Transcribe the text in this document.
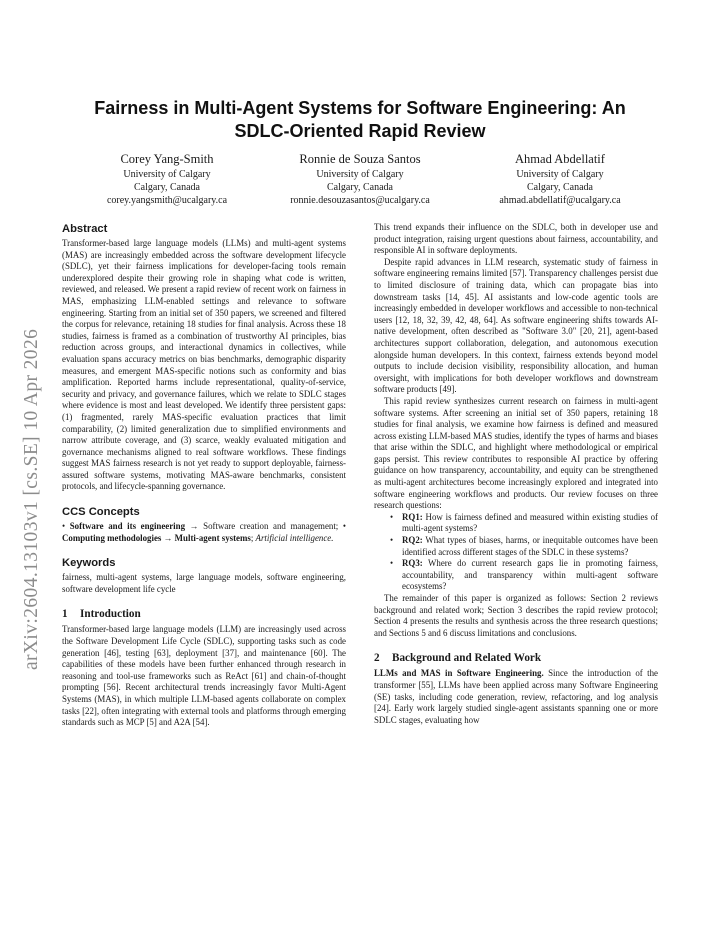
arXiv:2604.13103v1 [cs.SE] 10 Apr 2026
Fairness in Multi-Agent Systems for Software Engineering: An
SDLC-Oriented Rapid Review
Corey Yang-Smith
University of Calgary
Calgary, Canada
corey.yangsmith@ucalgary.ca
Ronnie de Souza Santos
University of Calgary
Calgary, Canada
ronnie.desouzasantos@ucalgary.ca
Ahmad Abdellatif
University of Calgary
Calgary, Canada
ahmad.abdellatif@ucalgary.ca
Abstract

Transformer-based large language models (LLMs) and multi-agent systems (MAS) are increasingly embedded across the software development lifecycle (SDLC), yet their fairness implications for developer-facing tools remain underexplored despite their growing role in shaping what code is written, reviewed, and released. We present a rapid review of recent work on fairness in MAS, emphasizing LLM-enabled settings and relevance to software engineering. Starting from an initial set of 350 papers, we screened and filtered the corpus for relevance, retaining 18 studies for final analysis. Across these 18 studies, fairness is framed as a combination of trustworthy AI principles, bias reduction across groups, and interactional dynamics in collectives, while evaluation spans accuracy metrics on bias benchmarks, demographic disparity measures, and emergent MAS-specific notions such as conformity and bias amplification. Reported harms include representational, quality-of-service, security and privacy, and governance failures, which we relate to SDLC stages where evidence is most and least developed. We identify three persistent gaps: (1) fragmented, rarely MAS-specific evaluation practices that limit comparability, (2) limited generalization due to simplified environments and narrow attribute coverage, and (3) scarce, weakly evaluated mitigation and governance mechanisms aligned to real software workflows. These findings suggest MAS fairness research is not yet ready to support deployable, fairness-assured software systems, motivating MAS-aware benchmarks, consistent protocols, and lifecycle-spanning governance.

CCS Concepts

• Software and its engineering → Software creation and management; • Computing methodologies → Multi-agent systems; Artificial intelligence.

Keywords

fairness, multi-agent systems, large language models, software engineering, software development life cycle

1 Introduction

Transformer-based large language models (LLM) are increasingly used across the Software Development Life Cycle (SDLC), supporting tasks such as code generation [46], testing [63], deployment [37], and maintenance [60]. The capabilities of these models have been further enhanced through research in reasoning and tool-use frameworks such as ReAct [61] and chain-of-thought prompting [56]. Recent architectural trends increasingly favor Multi-Agent Systems (MAS), in which multiple LLM-based agents collaborate on complex tasks [22], often integrating with external tools and platforms through emerging standards such as MCP [5] and A2A [54].

This trend expands their influence on the SDLC, both in developer use and product integration, raising urgent questions about fairness, accountability, and responsible AI in software deployments.

Despite rapid advances in LLM research, systematic study of fairness in software engineering remains limited [57]. Transparency challenges persist due to limited disclosure of training data, which can propagate bias into downstream tasks [14, 45]. AI assistants and low-code agentic tools are increasingly embedded in developer workflows and accessible to non-technical users [12, 18, 32, 39, 42, 48, 64]. As software engineering shifts towards AI-native development, often described as "Software 3.0" [20, 21], agent-based architectures support collaboration, delegation, and autonomous execution alongside human developers. In this context, fairness extends beyond model outputs to include decision visibility, responsibility allocation, and human oversight, with implications for both developer workflows and downstream software products [49].

This rapid review synthesizes current research on fairness in multi-agent software systems. After screening an initial set of 350 papers, retaining 18 studies for final analysis, we examine how fairness is defined and measured across existing LLM-based MAS studies, identify the types of harms and biases that arise within the SDLC, and highlight where methodological or empirical gaps persist. This review contributes to responsible AI practice by offering guidance on how transparency, accountability, and equity can be strengthened as multi-agent architectures become increasingly explored and integrated into software engineering workflows and products. Our review focuses on three research questions:

• RQ1: How is fairness defined and measured within existing studies of multi-agent systems?
• RQ2: What types of biases, harms, or inequitable outcomes have been identified across different stages of the SDLC in these systems?
• RQ3: Where do current research gaps lie in promoting fairness, accountability, and transparency within multi-agent software ecosystems?

The remainder of this paper is organized as follows: Section 2 reviews background and related work; Section 3 describes the rapid review protocol; Section 4 presents the results and synthesis across the three research questions; and Sections 5 and 6 discuss limitations and conclusions.

2 Background and Related Work

LLMs and MAS in Software Engineering. Since the introduction of the transformer [55], LLMs have been applied across many Software Engineering (SE) tasks, including code generation, review, refactoring, and log analysis [24]. Early work largely studied single-agent assistants spanning one or more SDLC stages, evaluating how
